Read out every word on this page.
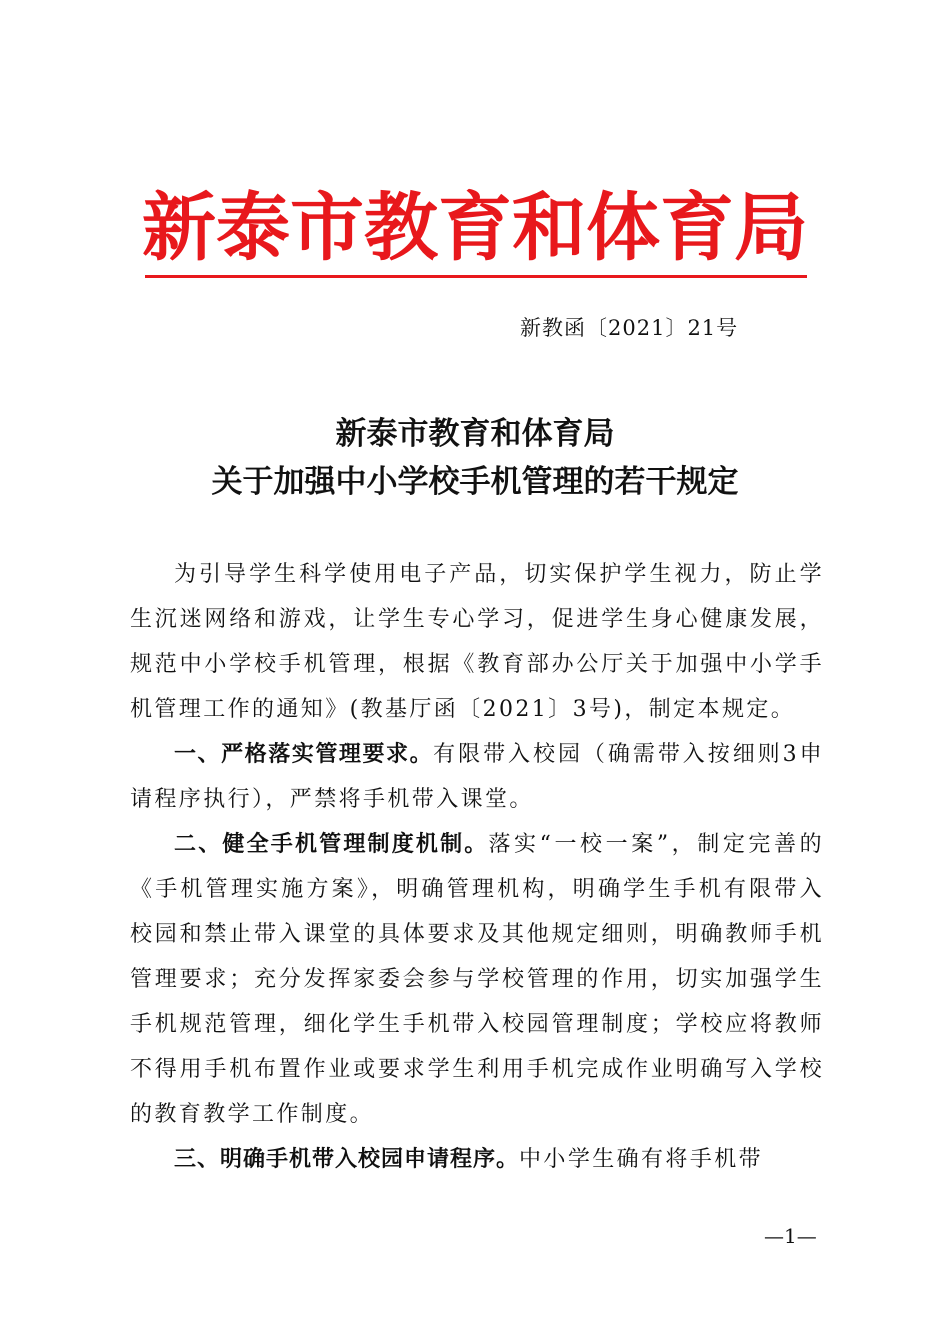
新泰市教育和体育局
新教函〔2021〕21号
新泰市教育和体育局
关于加强中小学校手机管理的若干规定

为引导学生科学使用电子产品，切实保护学生视力，防止学生沉迷网络和游戏，让学生专心学习，促进学生身心健康发展，规范中小学校手机管理，根据《教育部办公厅关于加强中小学手机管理工作的通知》(教基厅函〔2021〕3号)，制定本规定。

一、严格落实管理要求。有限带入校园（确需带入按细则3申请程序执行），严禁将手机带入课堂。

二、健全手机管理制度机制。落实“一校一案”，制定完善的《手机管理实施方案》，明确管理机构，明确学生手机有限带入校园和禁止带入课堂的具体要求及其他规定细则，明确教师手机管理要求；充分发挥家委会参与学校管理的作用，切实加强学生手机规范管理，细化学生手机带入校园管理制度；学校应将教师不得用手机布置作业或要求学生利用手机完成作业明确写入学校的教育教学工作制度。

三、明确手机带入校园申请程序。中小学生确有将手机带

—1—
